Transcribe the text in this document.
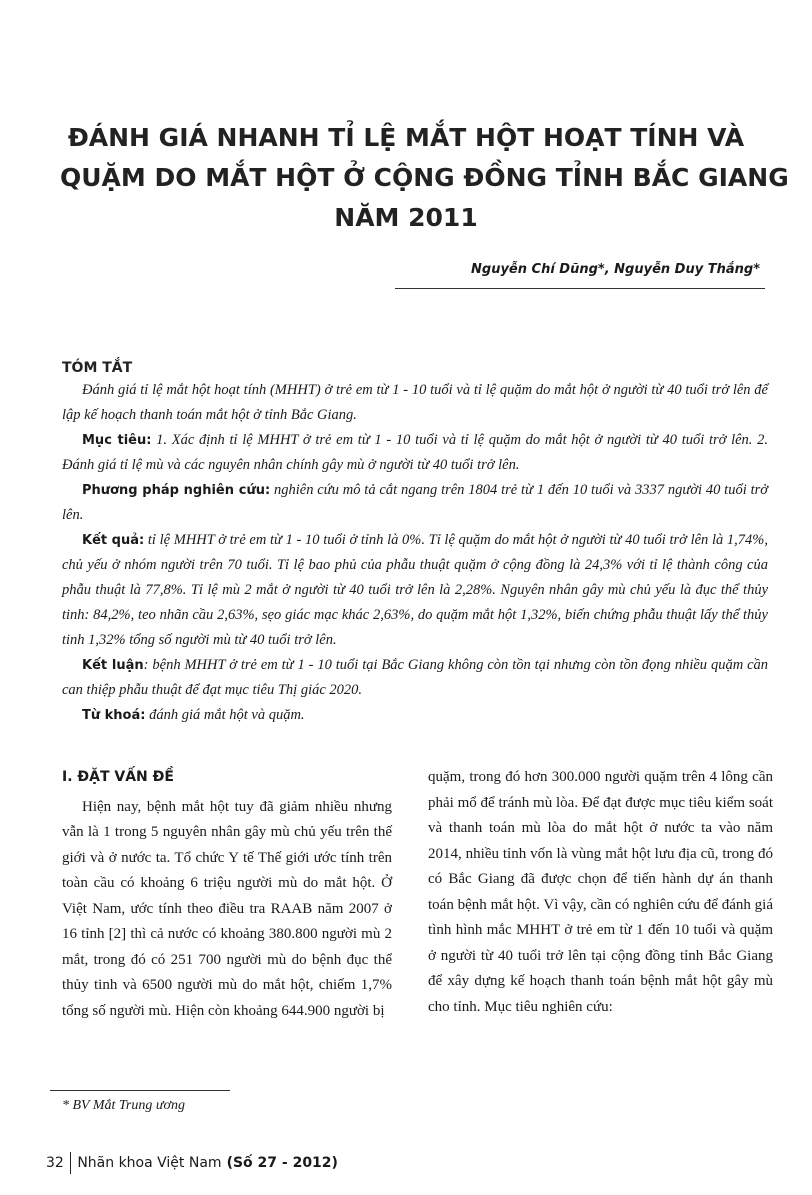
ĐÁNH GIÁ NHANH TỈ LỆ MẮT HỘT HOẠT TÍNH VÀ
QUẶM DO MẮT HỘT Ở CỘNG ĐỒNG TỈNH BẮC GIANG
NĂM 2011
Nguyễn Chí Dũng*, Nguyễn Duy Thắng*
TÓM TẮT
Đánh giá tỉ lệ mắt hột hoạt tính (MHHT) ở trẻ em từ 1 - 10 tuổi và tỉ lệ quặm do mắt hột ở người từ 40 tuổi trở lên để lập kế hoạch thanh toán mắt hột ở tỉnh Bắc Giang.
Mục tiêu: 1. Xác định tỉ lệ MHHT ở trẻ em từ 1 - 10 tuổi và tỉ lệ quặm do mắt hột ở người từ 40 tuổi trở lên. 2. Đánh giá tỉ lệ mù và các nguyên nhân chính gây mù ở người từ 40 tuổi trở lên.
Phương pháp nghiên cứu: nghiên cứu mô tả cắt ngang trên 1804 trẻ từ 1 đến 10 tuổi và 3337 người 40 tuổi trở lên.
Kết quả: tỉ lệ MHHT ở trẻ em từ 1 - 10 tuổi ở tỉnh là 0%. Tỉ lệ quặm do mắt hột ở người từ 40 tuổi trở lên là 1,74%, chủ yếu ở nhóm người trên 70 tuổi. Tỉ lệ bao phủ của phẫu thuật quặm ở cộng đồng là 24,3% với tỉ lệ thành công của phẫu thuật là 77,8%. Tỉ lệ mù 2 mắt ở người từ 40 tuổi trở lên là 2,28%. Nguyên nhân gây mù chủ yếu là đục thể thủy tinh: 84,2%, teo nhãn cầu 2,63%, sẹo giác mạc khác 2,63%, do quặm mắt hột 1,32%, biến chứng phẫu thuật lấy thể thủy tinh 1,32% tổng số người mù từ 40 tuổi trở lên.
Kết luận: bệnh MHHT ở trẻ em từ 1 - 10 tuổi tại Bắc Giang không còn tồn tại nhưng còn tồn đọng nhiều quặm cần can thiệp phẫu thuật để đạt mục tiêu Thị giác 2020.
Từ khoá: đánh giá mắt hột và quặm.
I. ĐẶT VẤN ĐỀ
Hiện nay, bệnh mắt hột tuy đã giảm nhiều nhưng vẫn là 1 trong 5 nguyên nhân gây mù chủ yếu trên thế giới và ở nước ta. Tổ chức Y tế Thế giới ước tính trên toàn cầu có khoảng 6 triệu người mù do mắt hột. Ở Việt Nam, ước tính theo điều tra RAAB năm 2007 ở 16 tỉnh [2] thì cả nước có khoảng 380.800 người mù 2 mắt, trong đó có 251 700 người mù do bệnh đục thể thủy tinh và 6500 người mù do mắt hột, chiếm 1,7% tổng số người mù. Hiện còn khoảng 644.900 người bị
quặm, trong đó hơn 300.000 người quặm trên 4 lông cần phải mổ để tránh mù lòa. Để đạt được mục tiêu kiểm soát và thanh toán mù lòa do mắt hột ở nước ta vào năm 2014, nhiều tỉnh vốn là vùng mắt hột lưu địa cũ, trong đó có Bắc Giang đã được chọn để tiến hành dự án thanh toán bệnh mắt hột. Vì vậy, cần có nghiên cứu để đánh giá tình hình mắc MHHT ở trẻ em từ 1 đến 10 tuổi và quặm ở người từ 40 tuổi trở lên tại cộng đồng tỉnh Bắc Giang để xây dựng kế hoạch thanh toán bệnh mắt hột gây mù cho tỉnh. Mục tiêu nghiên cứu:
* BV Mắt Trung ương
32 Nhãn khoa Việt Nam (Số 27 - 2012)
